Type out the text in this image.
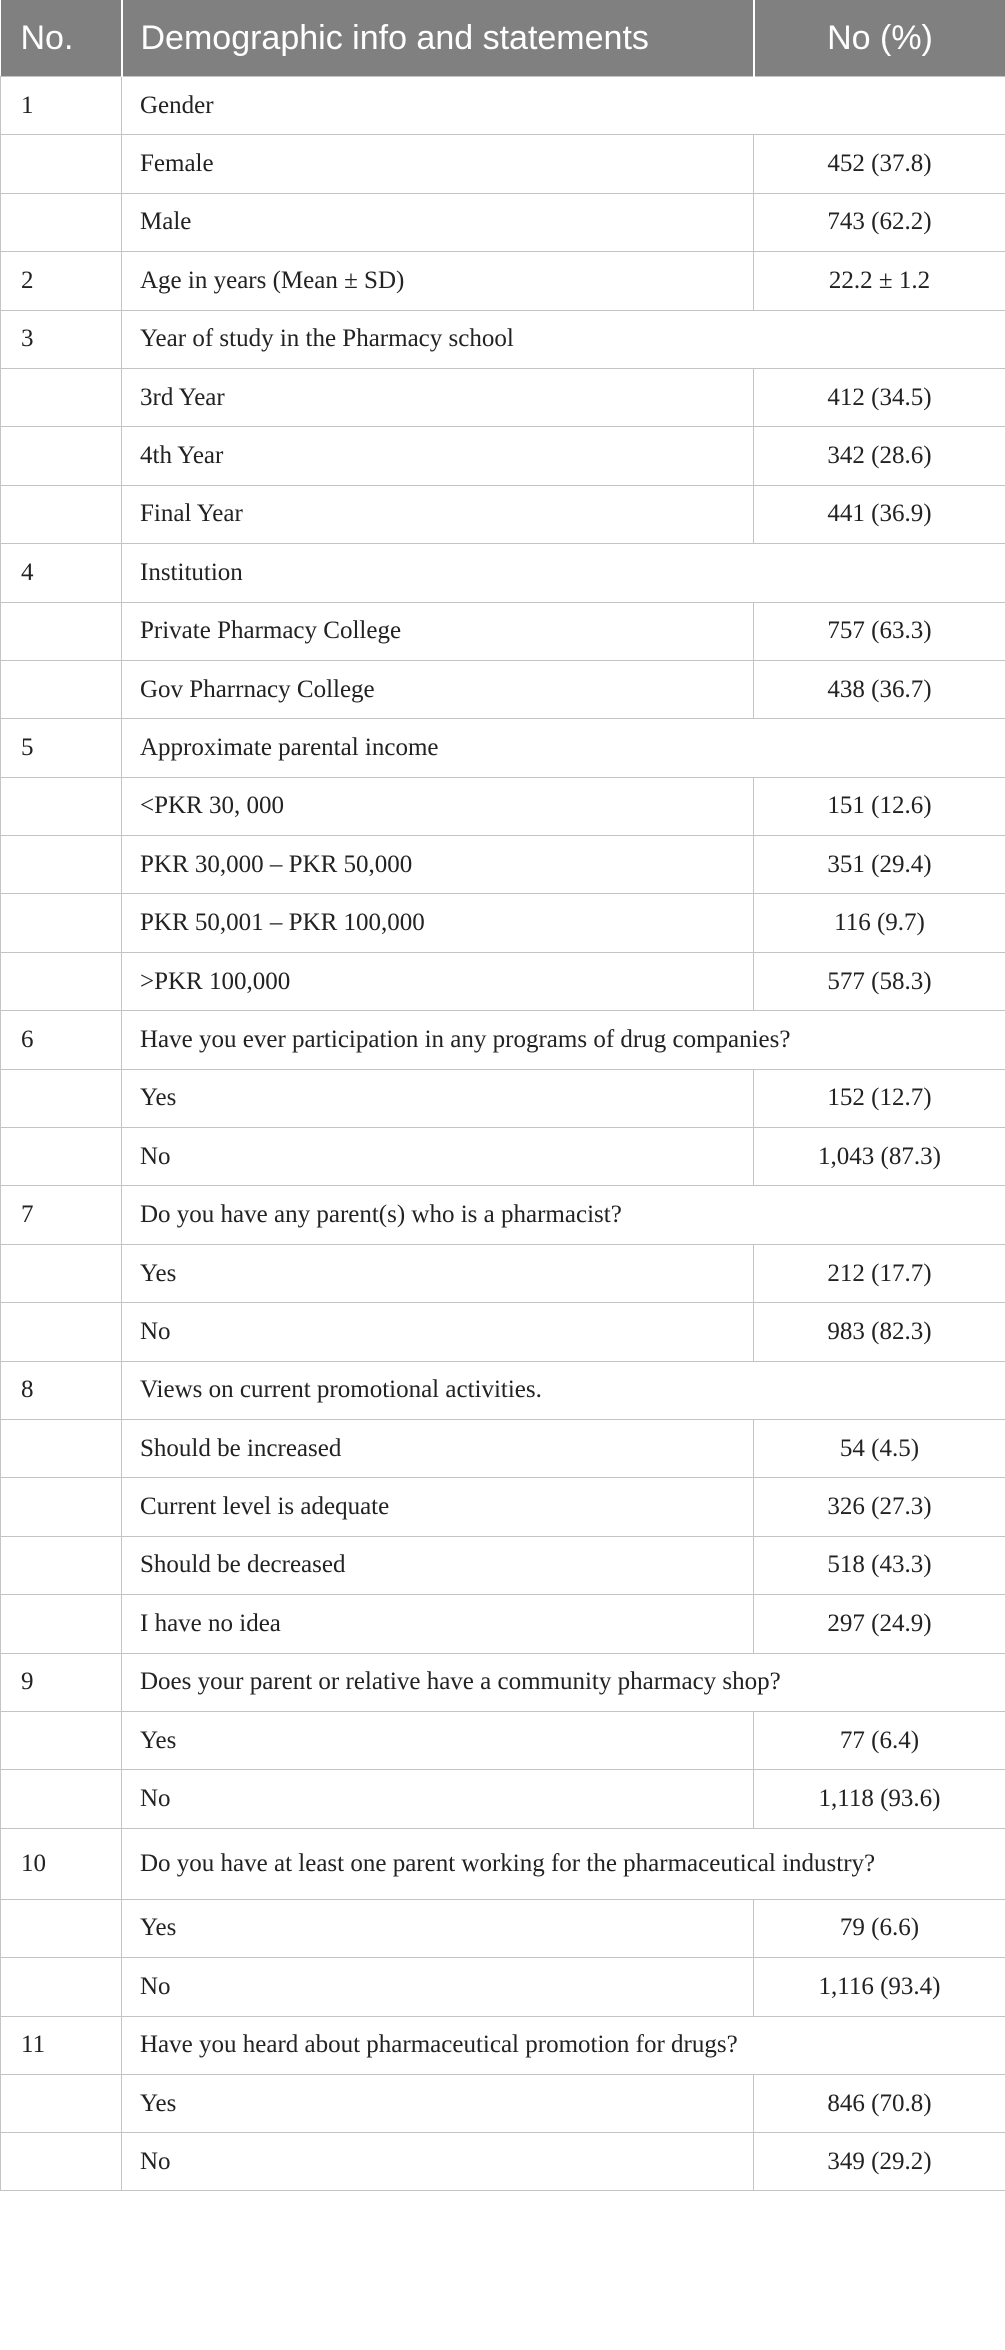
No.	Demographic info and statements	No (%)
1	Gender	
	Female	452 (37.8)
	Male	743 (62.2)
2	Age in years (Mean ± SD)	22.2 ± 1.2
3	Year of study in the Pharmacy school	
	3rd Year	412 (34.5)
	4th Year	342 (28.6)
	Final Year	441 (36.9)
4	Institution	
	Private Pharmacy College	757 (63.3)
	Gov Pharrnacy College	438 (36.7)
5	Approximate parental income	
	<PKR 30, 000	151 (12.6)
	PKR 30,000 – PKR 50,000	351 (29.4)
	PKR 50,001 – PKR 100,000	116 (9.7)
	>PKR 100,000	577 (58.3)
6	Have you ever participation in any programs of drug companies?	
	Yes	152 (12.7)
	No	1,043 (87.3)
7	Do you have any parent(s) who is a pharmacist?	
	Yes	212 (17.7)
	No	983 (82.3)
8	Views on current promotional activities.	
	Should be increased	54 (4.5)
	Current level is adequate	326 (27.3)
	Should be decreased	518 (43.3)
	I have no idea	297 (24.9)
9	Does your parent or relative have a community pharmacy shop?	
	Yes	77 (6.4)
	No	1,118 (93.6)
10	Do you have at least one parent working for the pharmaceutical industry?	
	Yes	79 (6.6)
	No	1,116 (93.4)
11	Have you heard about pharmaceutical promotion for drugs?	
	Yes	846 (70.8)
	No	349 (29.2)
